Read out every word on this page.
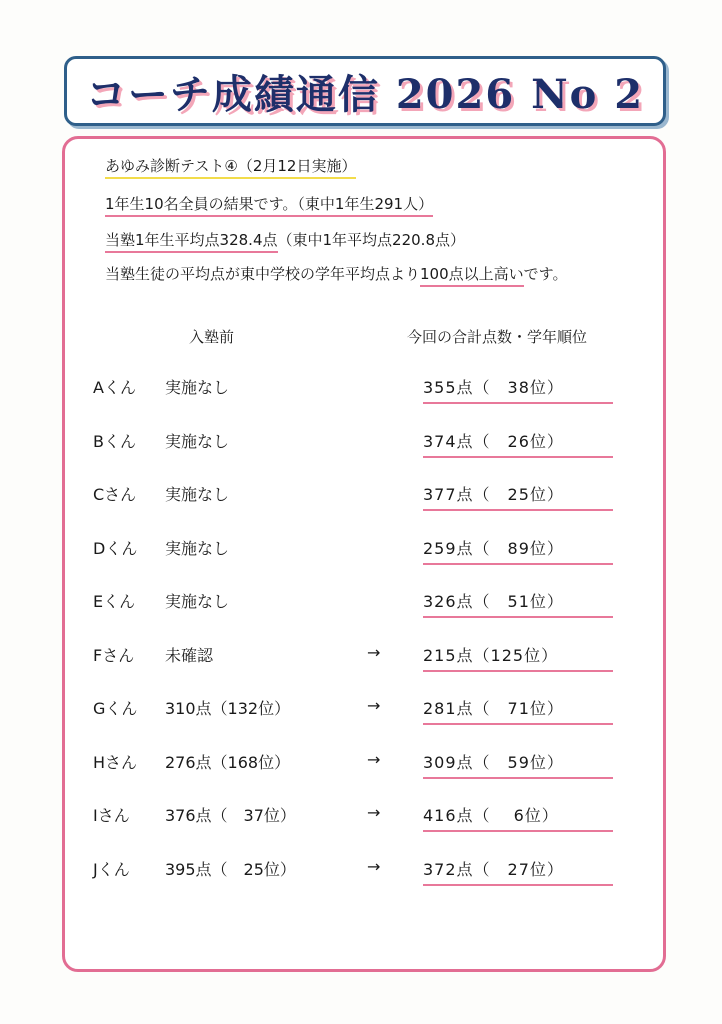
コーチ成績通信 2026 No 2
あゆみ診断テスト④（2月12日実施）
1年生10名全員の結果です。（東中1年生291人）
当塾1年生平均点328.4点（東中1年平均点220.8点）
当塾生徒の平均点が東中学校の学年平均点より100点以上高いです。
入塾前	今回の合計点数・学年順位
Aくん 実施なし	355点（　38位）
Bくん 実施なし	374点（　26位）
Cさん 実施なし	377点（　25位）
Dくん 実施なし	259点（　89位）
Eくん 実施なし	326点（　51位）
Fさん 未確認	→	215点（125位）
Gくん 310点（132位）	→	281点（　71位）
Hさん 276点（168位）	→	309点（　59位）
Iさん 376点（　37位）	→	416点（　 6位）
Jくん 395点（　25位）	→	372点（　27位）
